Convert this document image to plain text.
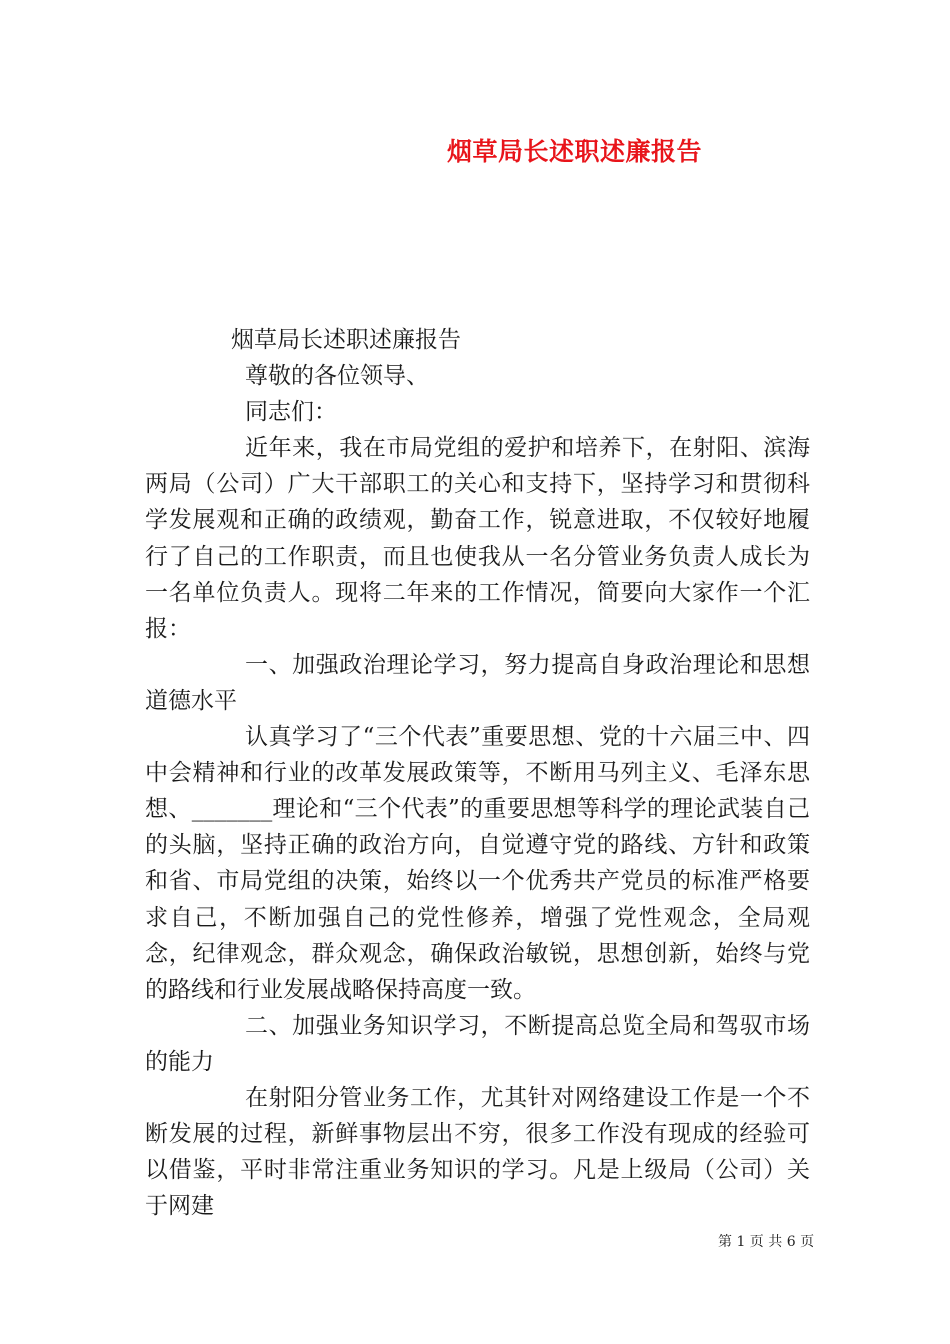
烟草局长述职述廉报告

烟草局长述职述廉报告

尊敬的各位领导、

同志们：

近年来，我在市局党组的爱护和培养下，在射阳、滨海两局（公司）广大干部职工的关心和支持下，坚持学习和贯彻科学发展观和正确的政绩观，勤奋工作，锐意进取，不仅较好地履行了自己的工作职责，而且也使我从一名分管业务负责人成长为一名单位负责人。现将二年来的工作情况，简要向大家作一个汇报：

一、加强政治理论学习，努力提高自身政治理论和思想道德水平

认真学习了“三个代表”重要思想、党的十六届三中、四中会精神和行业的改革发展政策等，不断用马列主义、毛泽东思想、_______理论和“三个代表”的重要思想等科学的理论武装自己的头脑，坚持正确的政治方向，自觉遵守党的路线、方针和政策和省、市局党组的决策，始终以一个优秀共产党员的标准严格要求自己，不断加强自己的党性修养，增强了党性观念，全局观念，纪律观念，群众观念，确保政治敏锐，思想创新，始终与党的路线和行业发展战略保持高度一致。

二、加强业务知识学习，不断提高总览全局和驾驭市场的能力

在射阳分管业务工作，尤其针对网络建设工作是一个不断发展的过程，新鲜事物层出不穷，很多工作没有现成的经验可以借鉴，平时非常注重业务知识的学习。凡是上级局（公司）关于网建

第 1 页 共 6 页
